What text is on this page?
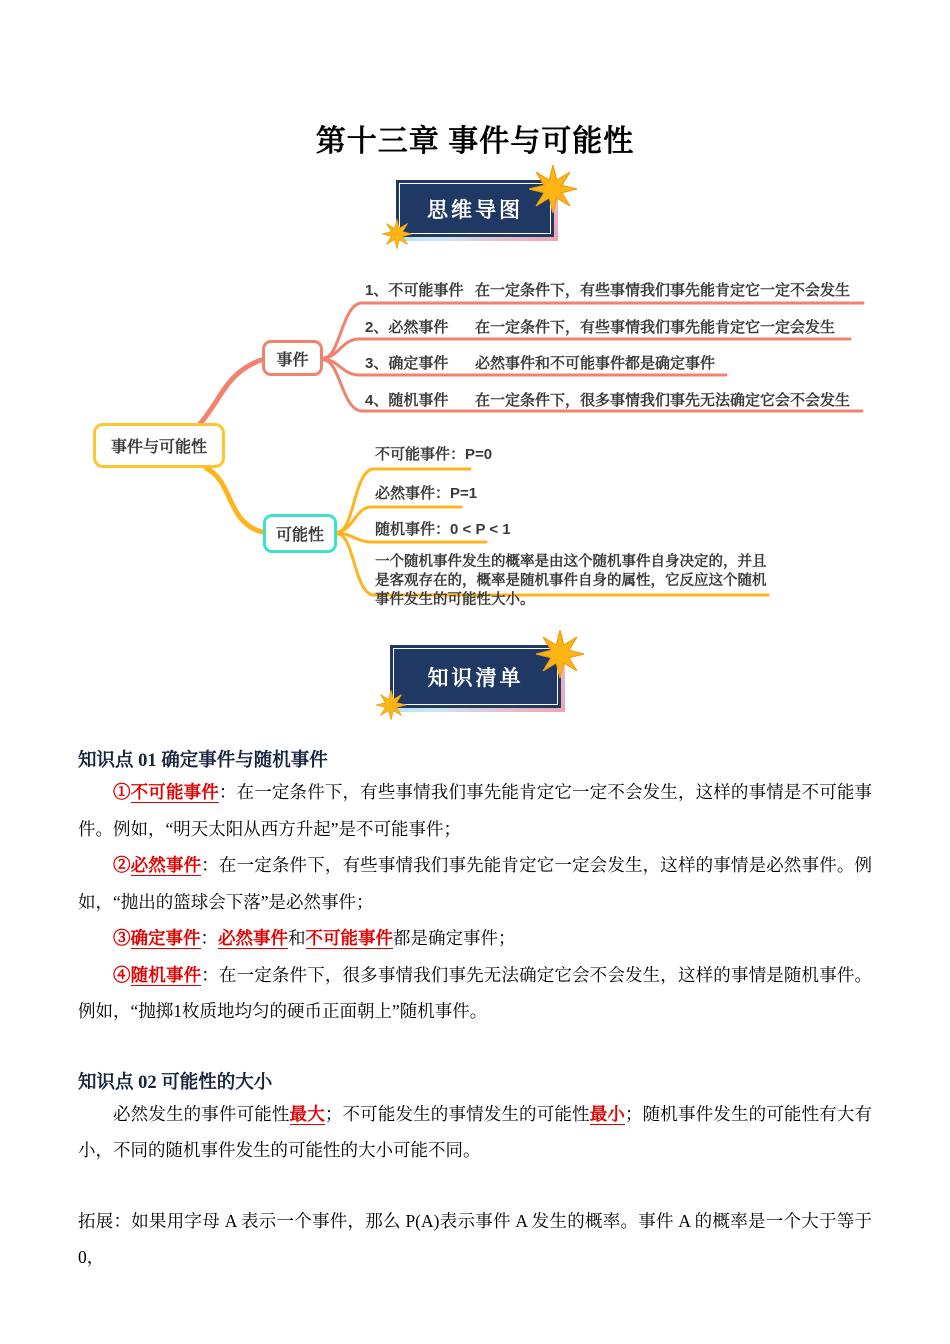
第十三章 事件与可能性
思维导图
事件与可能性
事件
可能性
1、不可能事件 在一定条件下，有些事情我们事先能肯定它一定不会发生
2、必然事件	在一定条件下，有些事情我们事先能肯定它一定会发生
3、确定事件	必然事件和不可能事件都是确定事件
4、随机事件	在一定条件下，很多事情我们事先无法确定它会不会发生
不可能事件：P=0
必然事件：P=1
随机事件：0 < P < 1
一个随机事件发生的概率是由这个随机事件自身决定的，并且是客观存在的，概率是随机事件自身的属性，它反应这个随机事件发生的可能性大小。
知识清单
知识点 01 确定事件与随机事件

①不可能事件：在一定条件下，有些事情我们事先能肯定它一定不会发生，这样的事情是不可能事件。例如，“明天太阳从西方升起”是不可能事件；

②必然事件：在一定条件下，有些事情我们事先能肯定它一定会发生，这样的事情是必然事件。例如，“抛出的篮球会下落”是必然事件；

③确定事件：必然事件和不可能事件都是确定事件；

④随机事件：在一定条件下，很多事情我们事先无法确定它会不会发生，这样的事情是随机事件。例如，“抛掷1枚质地均匀的硬币正面朝上”随机事件。

知识点 02 可能性的大小

必然发生的事件可能性最大；不可能发生的事情发生的可能性最小；随机事件发生的可能性有大有小，不同的随机事件发生的可能性的大小可能不同。

拓展：如果用字母 A 表示一个事件，那么 P(A)表示事件 A 发生的概率。事件 A 的概率是一个大于等于 0，
